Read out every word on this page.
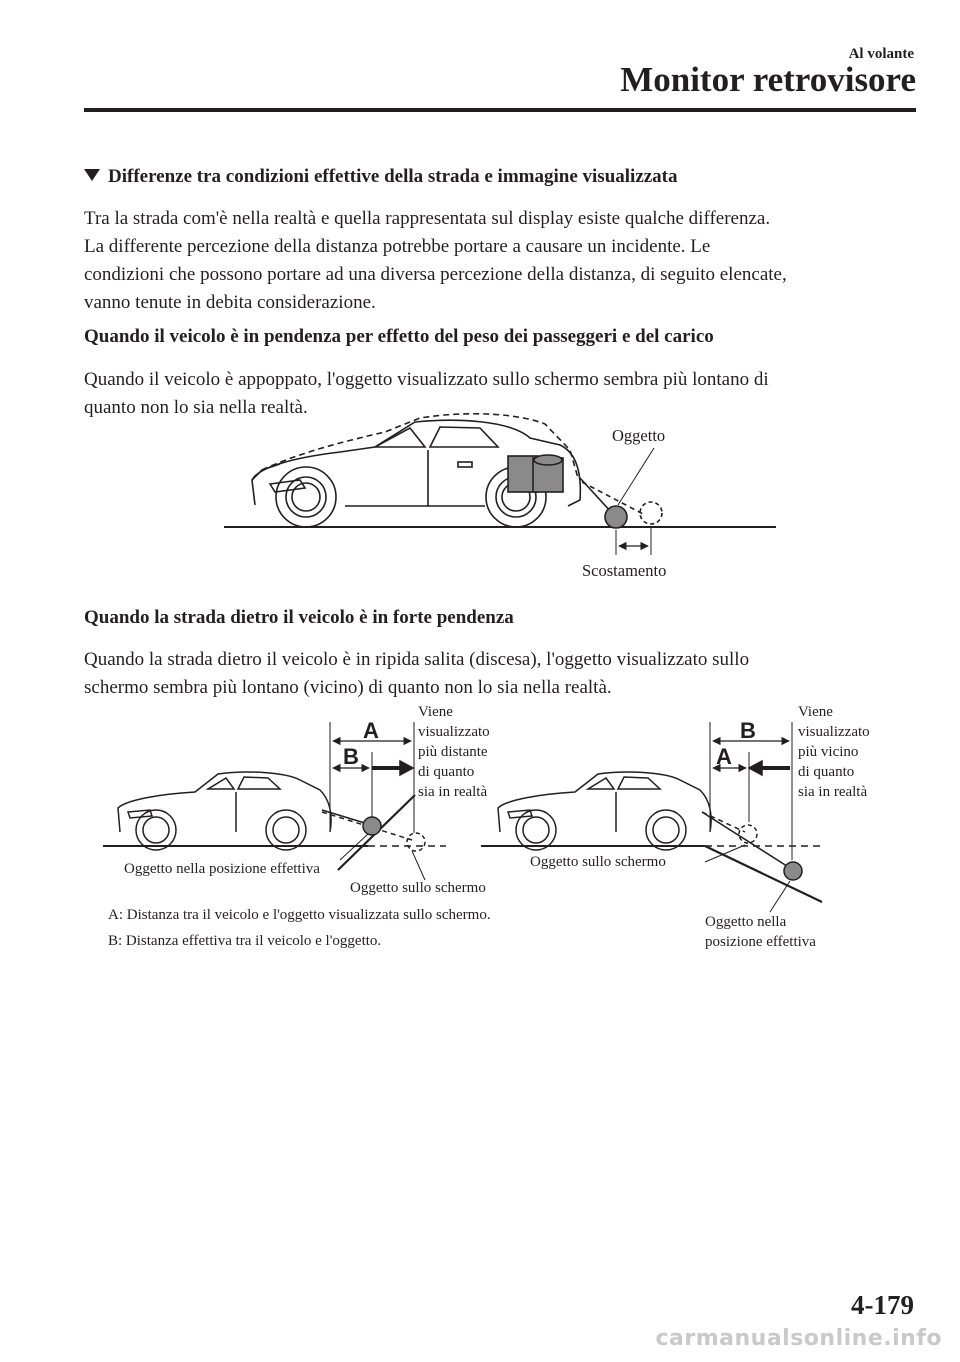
Al volante
Monitor retrovisore
Differenze tra condizioni effettive della strada e immagine visualizzata
Tra la strada com'è nella realtà e quella rappresentata sul display esiste qualche differenza.
La differente percezione della distanza potrebbe portare a causare un incidente. Le
condizioni che possono portare ad una diversa percezione della distanza, di seguito elencate,
vanno tenute in debita considerazione.
Quando il veicolo è in pendenza per effetto del peso dei passeggeri e del carico
Quando il veicolo è appoppato, l'oggetto visualizzato sullo schermo sembra più lontano di
quanto non lo sia nella realtà.
Quando la strada dietro il veicolo è in forte pendenza
Quando la strada dietro il veicolo è in ripida salita (discesa), l'oggetto visualizzato sullo
schermo sembra più lontano (vicino) di quanto non lo sia nella realtà.
Oggetto
Scostamento
A
B
Viene
visualizzato
più distante
di quanto
sia in realtà
Oggetto nella posizione effettiva
Oggetto sullo schermo
B
A
Viene
visualizzato
più vicino
di quanto
sia in realtà
Oggetto sullo schermo
Oggetto nella
posizione effettiva
A: Distanza tra il veicolo e l'oggetto visualizzata sullo schermo.
B: Distanza effettiva tra il veicolo e l'oggetto.
4-179
carmanualsonline.info
